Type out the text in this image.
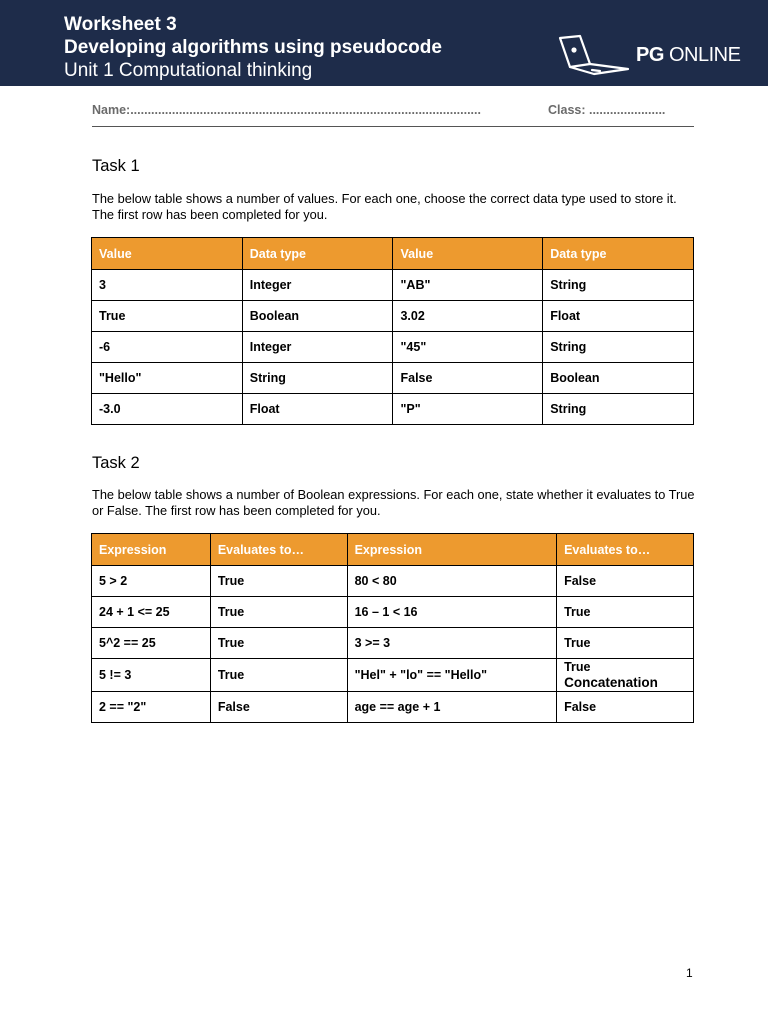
Worksheet 3
Developing algorithms using pseudocode
Unit 1 Computational thinking
PG ONLINE
Name:.....................................................................................................	Class: ......................
Task 1
The below table shows a number of values. For each one, choose the correct data type used to store it. The first row has been completed for you.
Value	Data type	Value	Data type
3	Integer	"AB"	String
True	Boolean	3.02	Float
-6	Integer	"45"	String
"Hello"	String	False	Boolean
-3.0	Float	"P"	String
Task 2
The below table shows a number of Boolean expressions. For each one, state whether it evaluates to True or False. The first row has been completed for you.
Expression	Evaluates to…	Expression	Evaluates to…
5 > 2	True	80 < 80	False
24 + 1 <= 25	True	16 – 1 < 16	True
5^2 == 25	True	3 >= 3	True
5 != 3	True	"Hel" + "lo" == "Hello"	True
Concatenation

2 == "2"	False	age == age + 1	False
1
